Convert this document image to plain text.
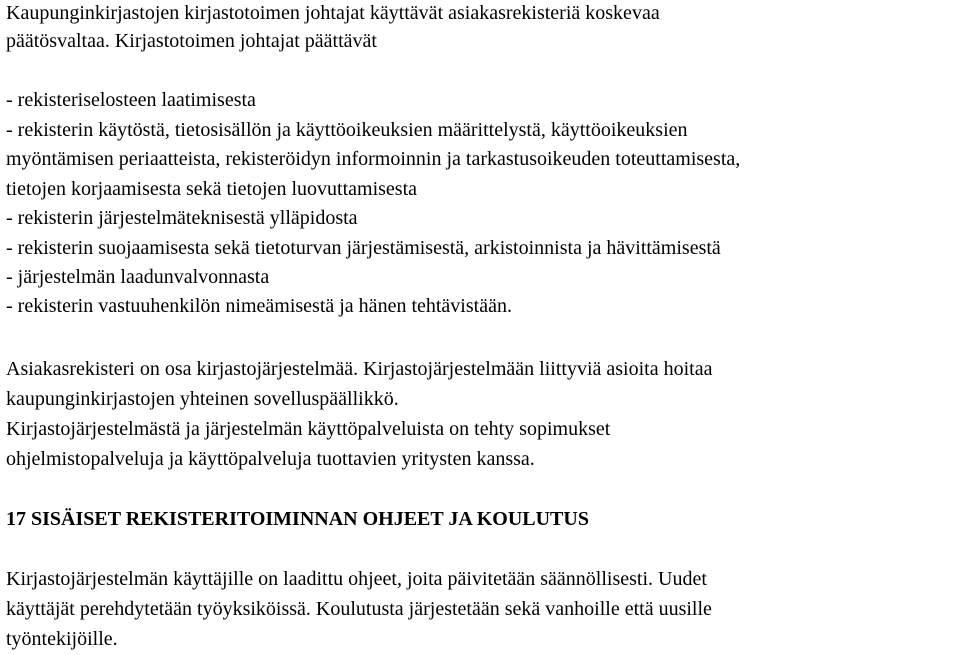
Kaupunginkirjastojen kirjastotoimen johtajat käyttävät asiakasrekisteriä koskevaa
päätösvaltaa. Kirjastotoimen johtajat päättävät
- rekisteriselosteen laatimisesta
- rekisterin käytöstä, tietosisällön ja käyttöoikeuksien määrittelystä, käyttöoikeuksien
myöntämisen periaatteista, rekisteröidyn informoinnin ja tarkastusoikeuden toteuttamisesta,
tietojen korjaamisesta sekä tietojen luovuttamisesta
- rekisterin järjestelmäteknisestä ylläpidosta
- rekisterin suojaamisesta sekä tietoturvan järjestämisestä, arkistoinnista ja hävittämisestä
- järjestelmän laadunvalvonnasta
- rekisterin vastuuhenkilön nimeämisestä ja hänen tehtävistään.
Asiakasrekisteri on osa kirjastojärjestelmää. Kirjastojärjestelmään liittyviä asioita hoitaa
kaupunginkirjastojen yhteinen sovelluspäällikkö.
Kirjastojärjestelmästä ja järjestelmän käyttöpalveluista on tehty sopimukset
ohjelmistopalveluja ja käyttöpalveluja tuottavien yritysten kanssa.
17 SISÄISET REKISTERITOIMINNAN OHJEET JA KOULUTUS
Kirjastojärjestelmän käyttäjille on laadittu ohjeet, joita päivitetään säännöllisesti. Uudet
käyttäjät perehdytetään työyksiköissä. Koulutusta järjestetään sekä vanhoille että uusille
työntekijöille.
